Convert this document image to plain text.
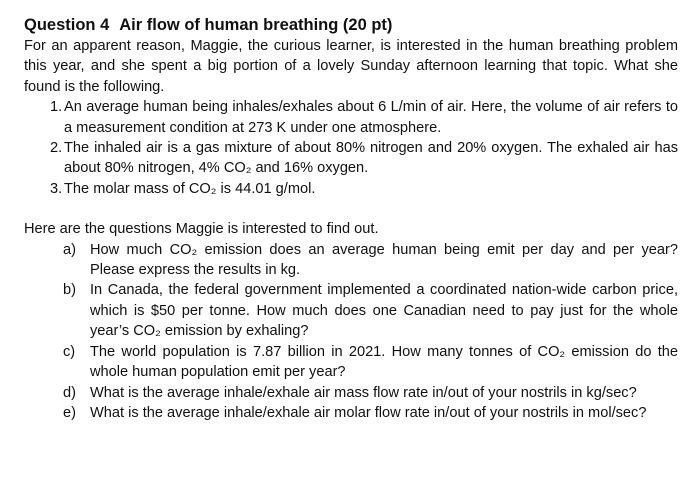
Question 4 Air flow of human breathing (20 pt)

For an apparent reason, Maggie, the curious learner, is interested in the human breathing problem this year, and she spent a big portion of a lovely Sunday afternoon learning that topic. What she found is the following.

1. An average human being inhales/exhales about 6 L/min of air. Here, the volume of air refers to a measurement condition at 273 K under one atmosphere.
2. The inhaled air is a gas mixture of about 80% nitrogen and 20% oxygen. The exhaled air has about 80% nitrogen, 4% CO₂ and 16% oxygen.
3. The molar mass of CO₂ is 44.01 g/mol.

Here are the questions Maggie is interested to find out.

a) How much CO₂ emission does an average human being emit per day and per year? Please express the results in kg.
b) In Canada, the federal government implemented a coordinated nation-wide carbon price, which is $50 per tonne. How much does one Canadian need to pay just for the whole year’s CO₂ emission by exhaling?
c) The world population is 7.87 billion in 2021. How many tonnes of CO₂ emission do the whole human population emit per year?
d) What is the average inhale/exhale air mass flow rate in/out of your nostrils in kg/sec?
e) What is the average inhale/exhale air molar flow rate in/out of your nostrils in mol/sec?
